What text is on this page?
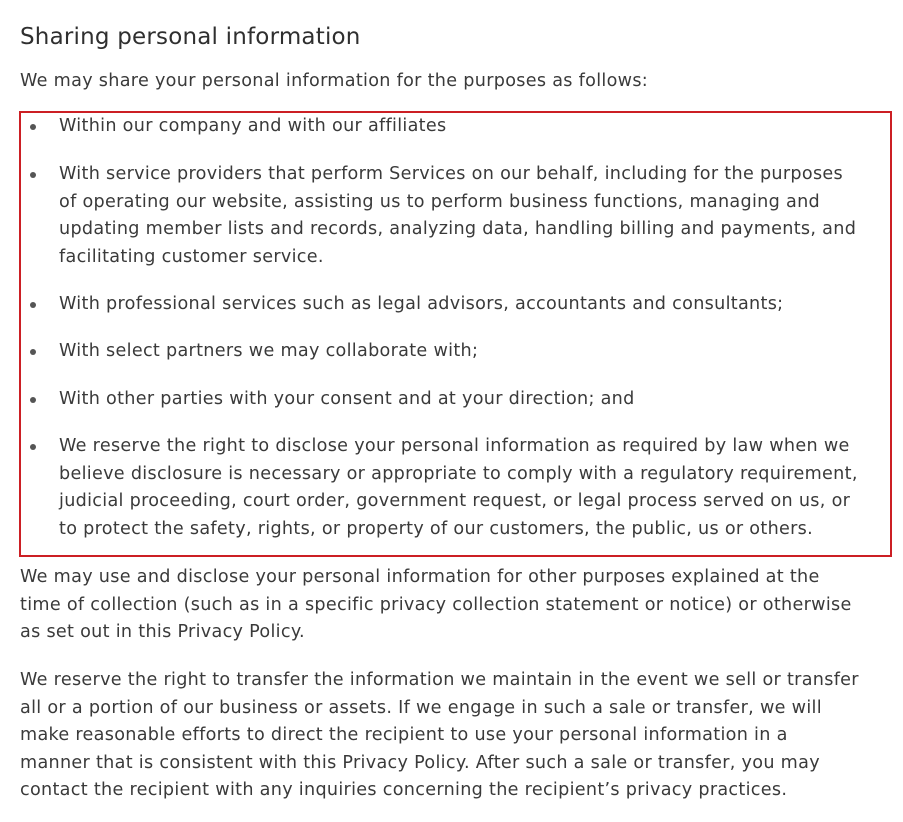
Sharing personal information

We may share your personal information for the purposes as follows:

Within our company and with our affiliates

With service providers that perform Services on our behalf, including for the purposes
of operating our website, assisting us to perform business functions, managing and
updating member lists and records, analyzing data, handling billing and payments, and
facilitating customer service.

With professional services such as legal advisors, accountants and consultants;

With select partners we may collaborate with;

With other parties with your consent and at your direction; and

We reserve the right to disclose your personal information as required by law when we
believe disclosure is necessary or appropriate to comply with a regulatory requirement,
judicial proceeding, court order, government request, or legal process served on us, or
to protect the safety, rights, or property of our customers, the public, us or others.

We may use and disclose your personal information for other purposes explained at the
time of collection (such as in a specific privacy collection statement or notice) or otherwise
as set out in this Privacy Policy.

We reserve the right to transfer the information we maintain in the event we sell or transfer
all or a portion of our business or assets. If we engage in such a sale or transfer, we will
make reasonable efforts to direct the recipient to use your personal information in a
manner that is consistent with this Privacy Policy. After such a sale or transfer, you may
contact the recipient with any inquiries concerning the recipient’s privacy practices.
